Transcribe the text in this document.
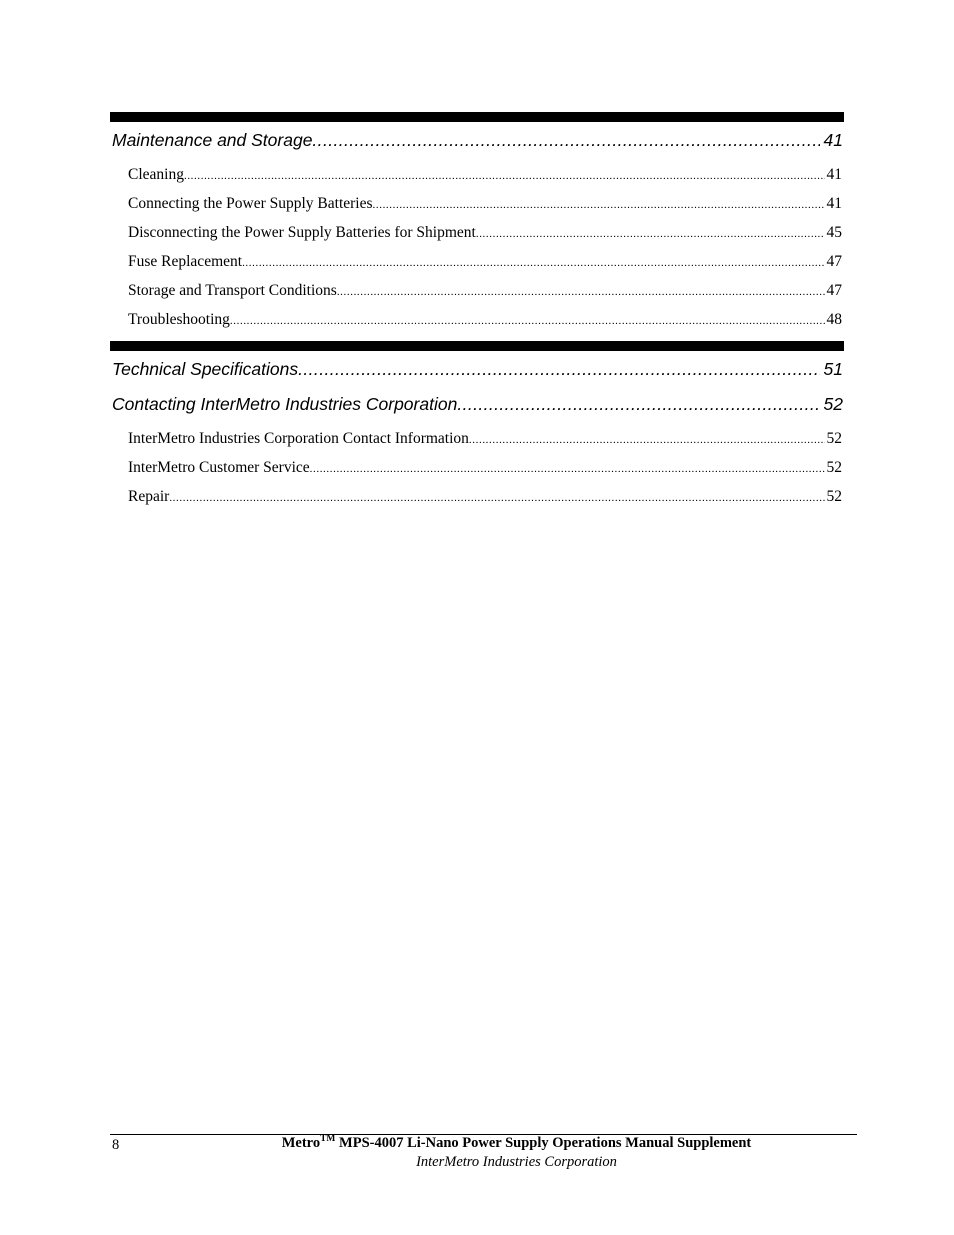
Maintenance and Storage .....	41
Cleaning .....	41
Connecting the Power Supply Batteries .....	41
Disconnecting the Power Supply Batteries for Shipment .....	45
Fuse Replacement .....	47
Storage and Transport Conditions .....	47
Troubleshooting .....	48
Technical Specifications .....	51
Contacting InterMetro Industries Corporation .....	52
InterMetro Industries Corporation Contact Information .....	52
InterMetro Customer Service .....	52
Repair .....	52
8	Metro™ MPS-4007 Li-Nano Power Supply Operations Manual Supplement
InterMetro Industries Corporation
